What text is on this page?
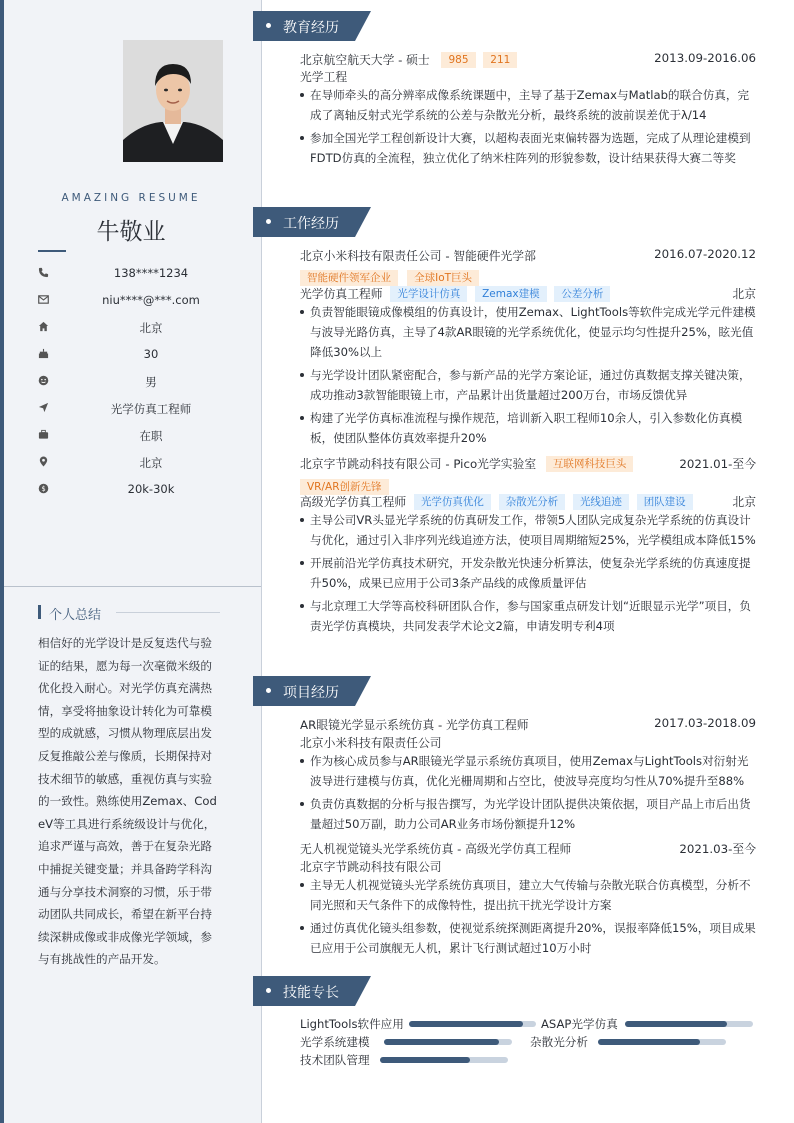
AMAZING RESUME
牛敬业
138****1234
niu****@***.com
北京
30
男
光学仿真工程师
在职
北京
$	20k-30k
个人总结
相信好的光学设计是反复迭代与验证的结果，愿为每一次毫微米级的优化投入耐心。对光学仿真充满热情，享受将抽象设计转化为可靠模型的成就感，习惯从物理底层出发反复推敲公差与像质，长期保持对技术细节的敏感，重视仿真与实验的一致性。熟练使用Zemax、CodeV等工具进行系统级设计与优化，追求严谨与高效，善于在复杂光路中捕捉关键变量；并具备跨学科沟通与分享技术洞察的习惯，乐于带动团队共同成长，希望在新平台持续深耕成像或非成像光学领域，参与有挑战性的产品开发。
教育经历
北京航空航天大学 - 硕士 985 211	2013.09-2016.06
光学工程
在导师牵头的高分辨率成像系统课题中，主导了基于Zemax与Matlab的联合仿真，完成了离轴反射式光学系统的公差与杂散光分析，最终系统的波前误差优于λ/14
参加全国光学工程创新设计大赛，以超构表面光束偏转器为选题，完成了从理论建模到FDTD仿真的全流程，独立优化了纳米柱阵列的形貌参数，设计结果获得大赛二等奖
工作经历
北京小米科技有限责任公司 - 智能硬件光学部	2016.07-2020.12
智能硬件领军企业 全球IoT巨头
光学仿真工程师 光学设计仿真 Zemax建模 公差分析	北京
负责智能眼镜成像模组的仿真设计，使用Zemax、LightTools等软件完成光学元件建模与波导光路仿真，主导了4款AR眼镜的光学系统优化，使显示均匀性提升25%，眩光值降低30%以上
与光学设计团队紧密配合，参与新产品的光学方案论证，通过仿真数据支撑关键决策，成功推动3款智能眼镜上市，产品累计出货量超过200万台，市场反馈优异
构建了光学仿真标准流程与操作规范，培训新入职工程师10余人，引入参数化仿真模板，使团队整体仿真效率提升20%
北京字节跳动科技有限公司 - Pico光学实验室 互联网科技巨头	2021.01-至今
VR/AR创新先锋
高级光学仿真工程师 光学仿真优化 杂散光分析 光线追迹 团队建设	北京
主导公司VR头显光学系统的仿真研发工作，带领5人团队完成复杂光学系统的仿真设计与优化，通过引入非序列光线追迹方法，使项目周期缩短25%，光学模组成本降低15%
开展前沿光学仿真技术研究，开发杂散光快速分析算法，使复杂光学系统的仿真速度提升50%，成果已应用于公司3条产品线的成像质量评估
与北京理工大学等高校科研团队合作，参与国家重点研发计划“近眼显示光学”项目，负责光学仿真模块，共同发表学术论文2篇，申请发明专利4项
项目经历
AR眼镜光学显示系统仿真 - 光学仿真工程师	2017.03-2018.09
北京小米科技有限责任公司
作为核心成员参与AR眼镜光学显示系统仿真项目，使用Zemax与LightTools对衍射光波导进行建模与仿真，优化光栅周期和占空比，使波导亮度均匀性从70%提升至88%
负责仿真数据的分析与报告撰写，为光学设计团队提供决策依据，项目产品上市后出货量超过50万副，助力公司AR业务市场份额提升12%
无人机视觉镜头光学系统仿真 - 高级光学仿真工程师	2021.03-至今
北京字节跳动科技有限公司
主导无人机视觉镜头光学系统仿真项目，建立大气传输与杂散光联合仿真模型，分析不同光照和天气条件下的成像特性，提出抗干扰光学设计方案
通过仿真优化镜头组参数，使视觉系统探测距离提升20%，误报率降低15%，项目成果已应用于公司旗舰无人机，累计飞行测试超过10万小时
技能专长
LightTools软件应用	ASAP光学仿真
光学系统建模	杂散光分析
技术团队管理
